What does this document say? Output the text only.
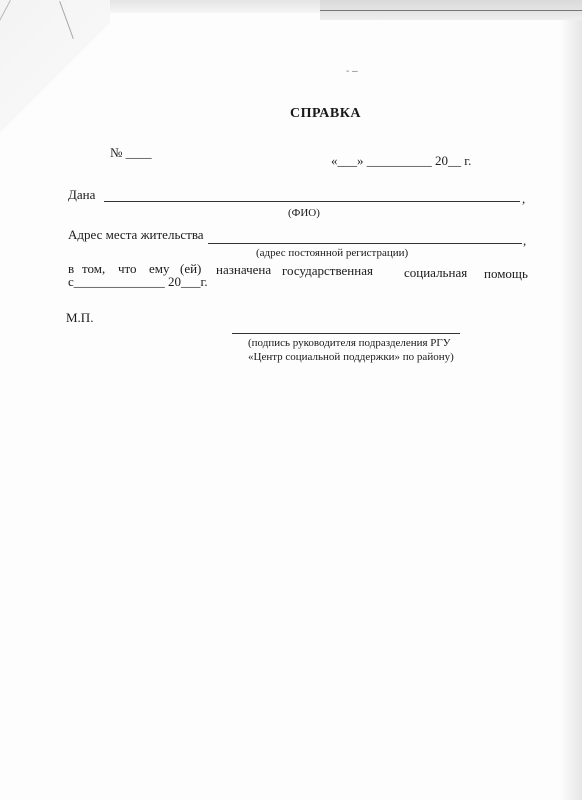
- –
СПРАВКА
№ ____
«___» __________ 20__ г.
Дана	,
(ФИО)
Адрес места жительства	,
(адрес постоянной регистрации)
в том, что ему (ей) назначена государственная социальная помощь
с______________ 20___г.
М.П.
(подпись руководителя подразделения РГУ
«Центр социальной поддержки» по району)
